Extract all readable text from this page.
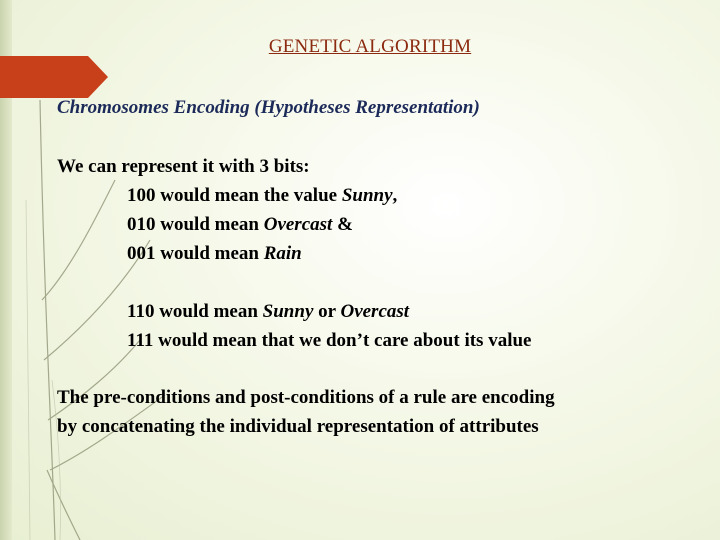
GENETIC ALGORITHM
Chromosomes Encoding (Hypotheses Representation)
We can represent it with 3 bits:
100 would mean the value Sunny,
010 would mean Overcast &
001 would mean Rain
110 would mean Sunny or Overcast
111 would mean that we don’t care about its value
The pre-conditions and post-conditions of a rule are encoding
by concatenating the individual representation of attributes
